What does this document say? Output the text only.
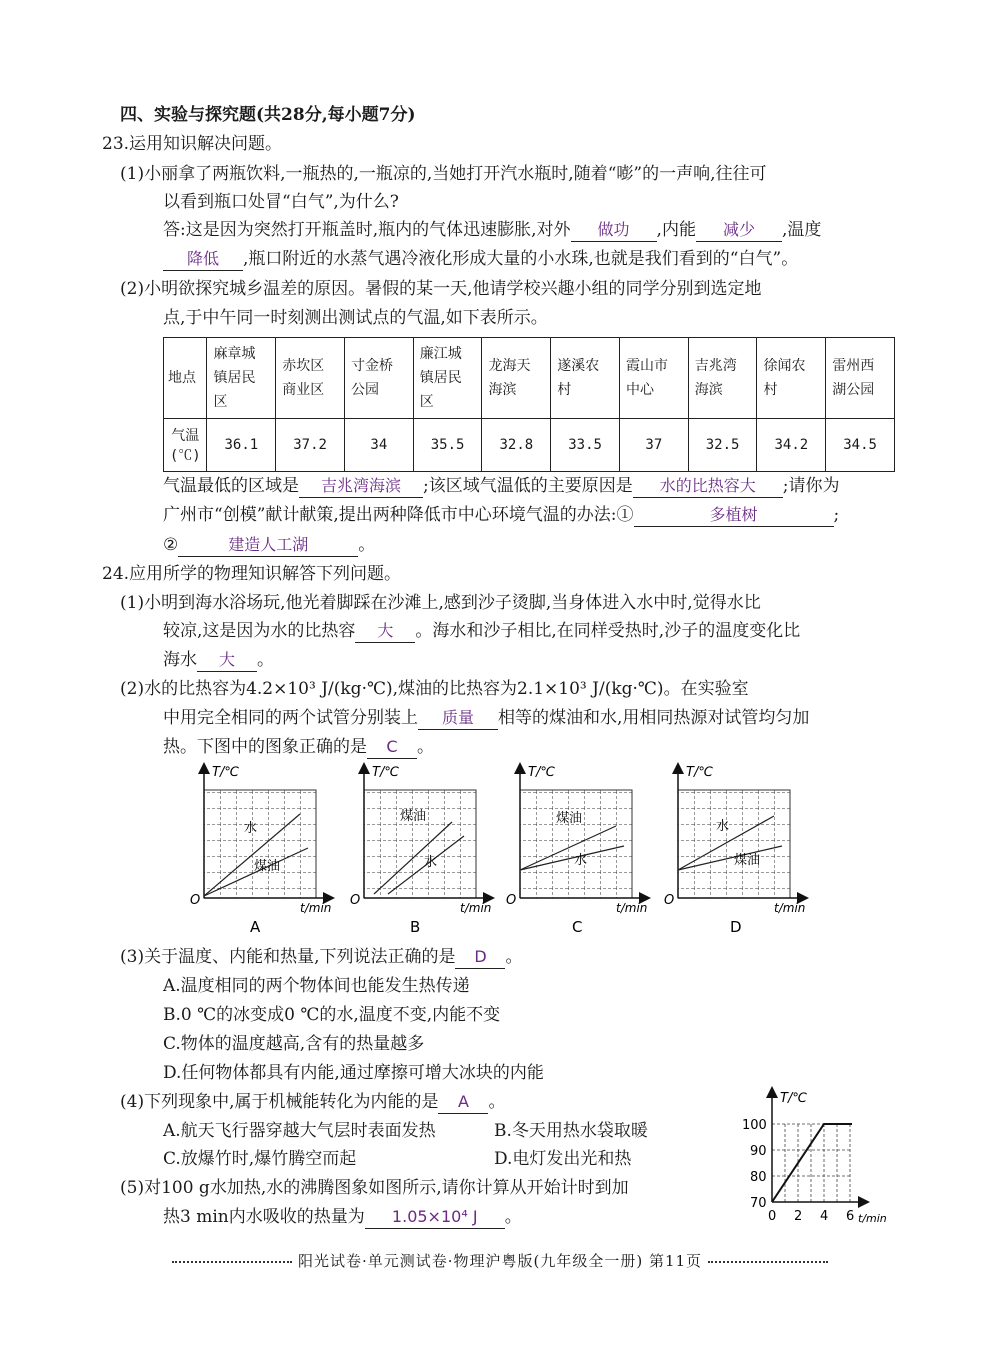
四、实验与探究题(共28分,每小题7分)
23.运用知识解决问题。
(1)小丽拿了两瓶饮料,一瓶热的,一瓶凉的,当她打开汽水瓶时,随着“嘭”的一声响,往往可
以看到瓶口处冒“白气”,为什么?
答:这是因为突然打开瓶盖时,瓶内的气体迅速膨胀,对外 做功 ,内能 减少 ,温度
降低 ,瓶口附近的水蒸气遇冷液化形成大量的小水珠,也就是我们看到的“白气”。
(2)小明欲探究城乡温差的原因。暑假的某一天,他请学校兴趣小组的同学分别到选定地
点,于中午同一时刻测出测试点的气温,如下表所示。
地点	麻章城镇居民区	赤坎区商业区	寸金桥公园	廉江城镇居民区	龙海天海滨	遂溪农村	霞山市中心	吉兆湾海滨	徐闻农村	雷州西湖公园
气温(℃)	36.1	37.2	34	35.5	32.8	33.5	37	32.5	34.2	34.5
气温最低的区域是 吉兆湾海滨 ;该区域气温低的主要原因是 水的比热容大 ;请你为
广州市“创模”献计献策,提出两种降低市中心环境气温的办法:①	多植树	;
②	建造人工湖	。
24.应用所学的物理知识解答下列问题。
(1)小明到海水浴场玩,他光着脚踩在沙滩上,感到沙子烫脚,当身体进入水中时,觉得水比
较凉,这是因为水的比热容 大 。海水和沙子相比,在同样受热时,沙子的温度变化比
海水 大 。
(2)水的比热容为4.2×10³ J/(kg·℃),煤油的比热容为2.1×10³ J/(kg·℃)。在实验室
中用完全相同的两个试管分别装上 质量 相等的煤油和水,用相同热源对试管均匀加
热。下图中的图象正确的是 C 。
T/℃
O	t/min
水
煤油
A
T/℃
O	t/min
煤油
水
B
T/℃
O	t/min
煤油
水
C
T/℃
O	t/min
水
煤油
D
(3)关于温度、内能和热量,下列说法正确的是 D 。
A.温度相同的两个物体间也能发生热传递
B.0 ℃的冰变成0 ℃的水,温度不变,内能不变
C.物体的温度越高,含有的热量越多
D.任何物体都具有内能,通过摩擦可增大冰块的内能
(4)下列现象中,属于机械能转化为内能的是 A 。
A.航天飞行器穿越大气层时表面发热	B.冬天用热水袋取暖
C.放爆竹时,爆竹腾空而起	D.电灯发出光和热
(5)对100 g水加热,水的沸腾图象如图所示,请你计算从开始计时到加
热3 min内水吸收的热量为 1.05×10⁴ J 。
T/℃
100
90
80
70
0 2 4 6 t/min
阳光试卷·单元测试卷·物理沪粤版(九年级全一册) 第11页
